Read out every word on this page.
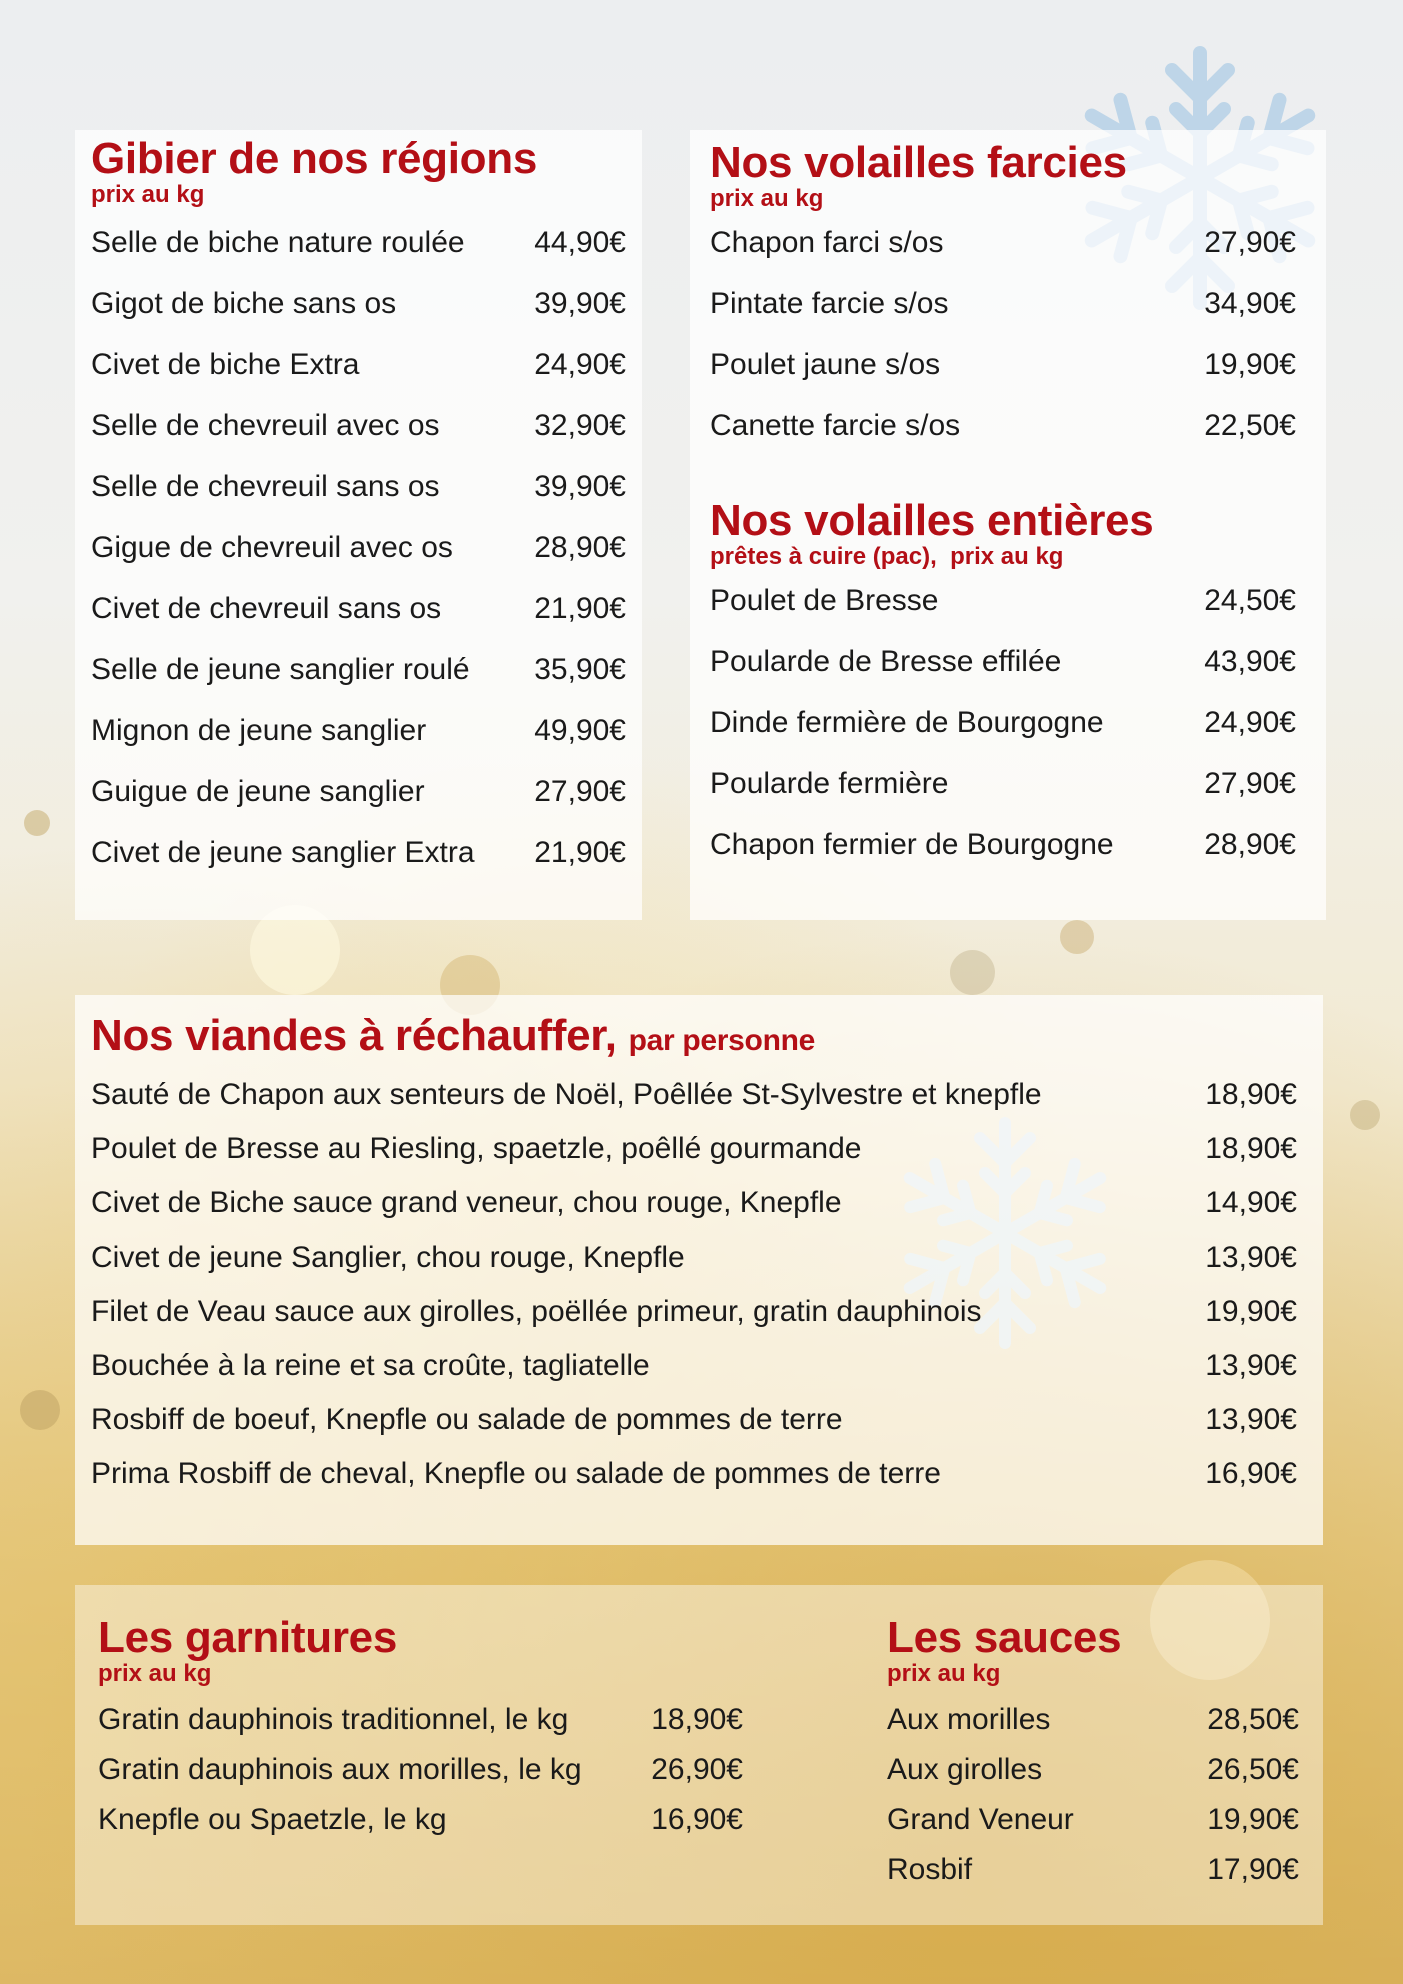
Gibier de nos régions
prix au kg
Selle de biche nature roulée 44,90€
Gigot de biche sans os	39,90€
Civet de biche Extra	24,90€
Selle de chevreuil avec os	32,90€
Selle de chevreuil sans os	39,90€
Gigue de chevreuil avec os	28,90€
Civet de chevreuil sans os	21,90€
Selle de jeune sanglier roulé 35,90€
Mignon de jeune sanglier	49,90€
Guigue de jeune sanglier	27,90€
Civet de jeune sanglier Extra 21,90€
Nos volailles farcies
prix au kg
Chapon farci s/os	27,90€
Pintate farcie s/os	34,90€
Poulet jaune s/os	19,90€
Canette farcie s/os	22,50€
Nos volailles entières
prêtes à cuire (pac),  prix au kg
Poulet de Bresse	24,50€
Poularde de Bresse effilée	43,90€
Dinde fermière de Bourgogne	24,90€
Poularde fermière	27,90€
Chapon fermier de Bourgogne	28,90€
Nos viandes à réchauffer, par personne
Sauté de Chapon aux senteurs de Noël, Poêllée St-Sylvestre et knepfle	18,90€
Poulet de Bresse au Riesling, spaetzle, poêllé gourmande	18,90€
Civet de Biche sauce grand veneur, chou rouge, Knepfle	14,90€
Civet de jeune Sanglier, chou rouge, Knepfle	13,90€
Filet de Veau sauce aux girolles, poëllée primeur, gratin dauphinois	19,90€
Bouchée à la reine et sa croûte, tagliatelle	13,90€
Rosbiff de boeuf, Knepfle ou salade de pommes de terre	13,90€
Prima Rosbiff de cheval, Knepfle ou salade de pommes de terre	16,90€
Les garnitures
prix au kg
Gratin dauphinois traditionnel, le kg	18,90€
Gratin dauphinois aux morilles, le kg 26,90€
Knepfle ou Spaetzle, le kg	16,90€
Les sauces
prix au kg
Aux morilles	28,50€
Aux girolles	26,50€
Grand Veneur	19,90€
Rosbif	17,90€
